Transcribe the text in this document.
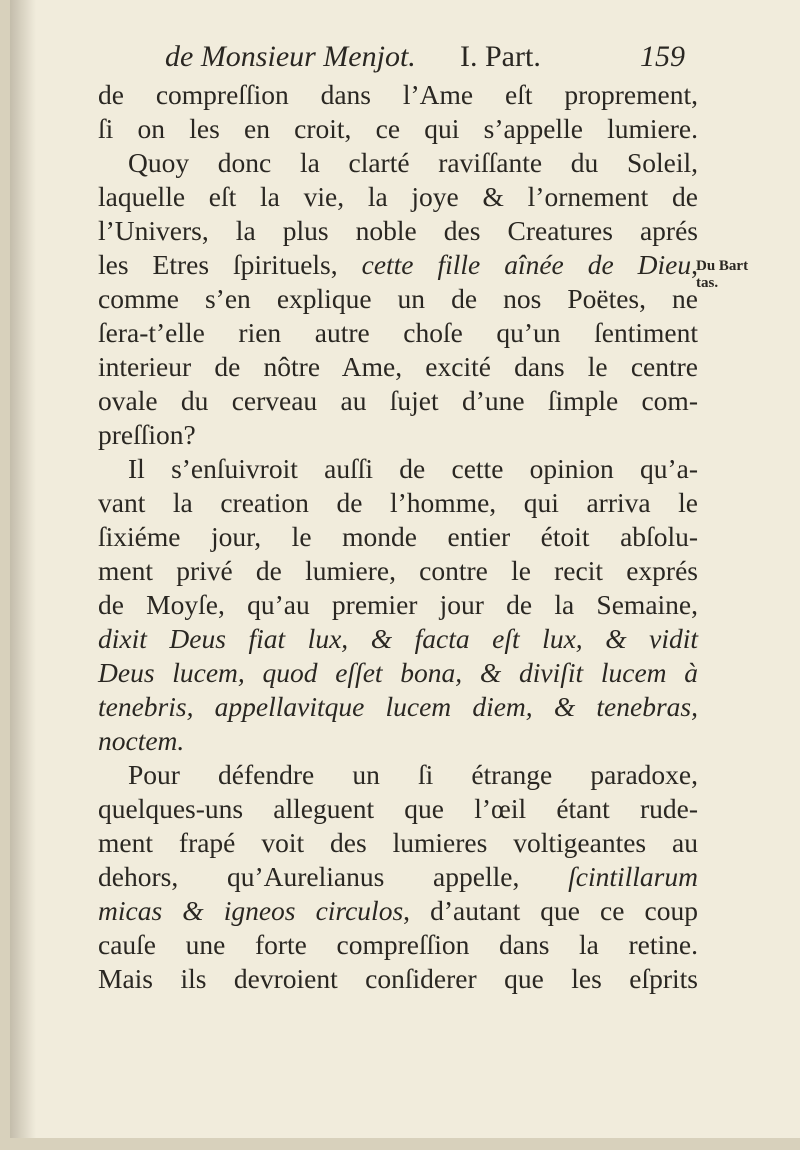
de Monsieur Menjot. I. Part.	159
Du Bart
tas.
de compreſſion dans l’Ame eſt proprement,
ſi on les en croit, ce qui s’appelle lumiere.
Quoy donc la clarté raviſſante du Soleil,
laquelle eſt la vie, la joye & l’ornement de
l’Univers, la plus noble des Creatures aprés
les Etres ſpirituels, cette fille aînée de Dieu,
comme s’en explique un de nos Poëtes, ne
ſera-t’elle rien autre choſe qu’un ſentiment
interieur de nôtre Ame, excité dans le centre
ovale du cerveau au ſujet d’une ſimple com-
preſſion?
Il s’enſuivroit auſſi de cette opinion qu’a-
vant la creation de l’homme, qui arriva le
ſixiéme jour, le monde entier étoit abſolu-
ment privé de lumiere, contre le recit exprés
de Moyſe, qu’au premier jour de la Semaine,
dixit Deus fiat lux, & facta eſt lux, & vidit
Deus lucem, quod eſſet bona, & diviſit lucem à
tenebris, appellavitque lucem diem, & tenebras,
noctem.
Pour défendre un ſi étrange paradoxe,
quelques-uns alleguent que l’œil étant rude-
ment frapé voit des lumieres voltigeantes au
dehors, qu’Aurelianus appelle, ſcintillarum
micas & igneos circulos, d’autant que ce coup
cauſe une forte compreſſion dans la retine.
Mais ils devroient conſiderer que les eſprits
